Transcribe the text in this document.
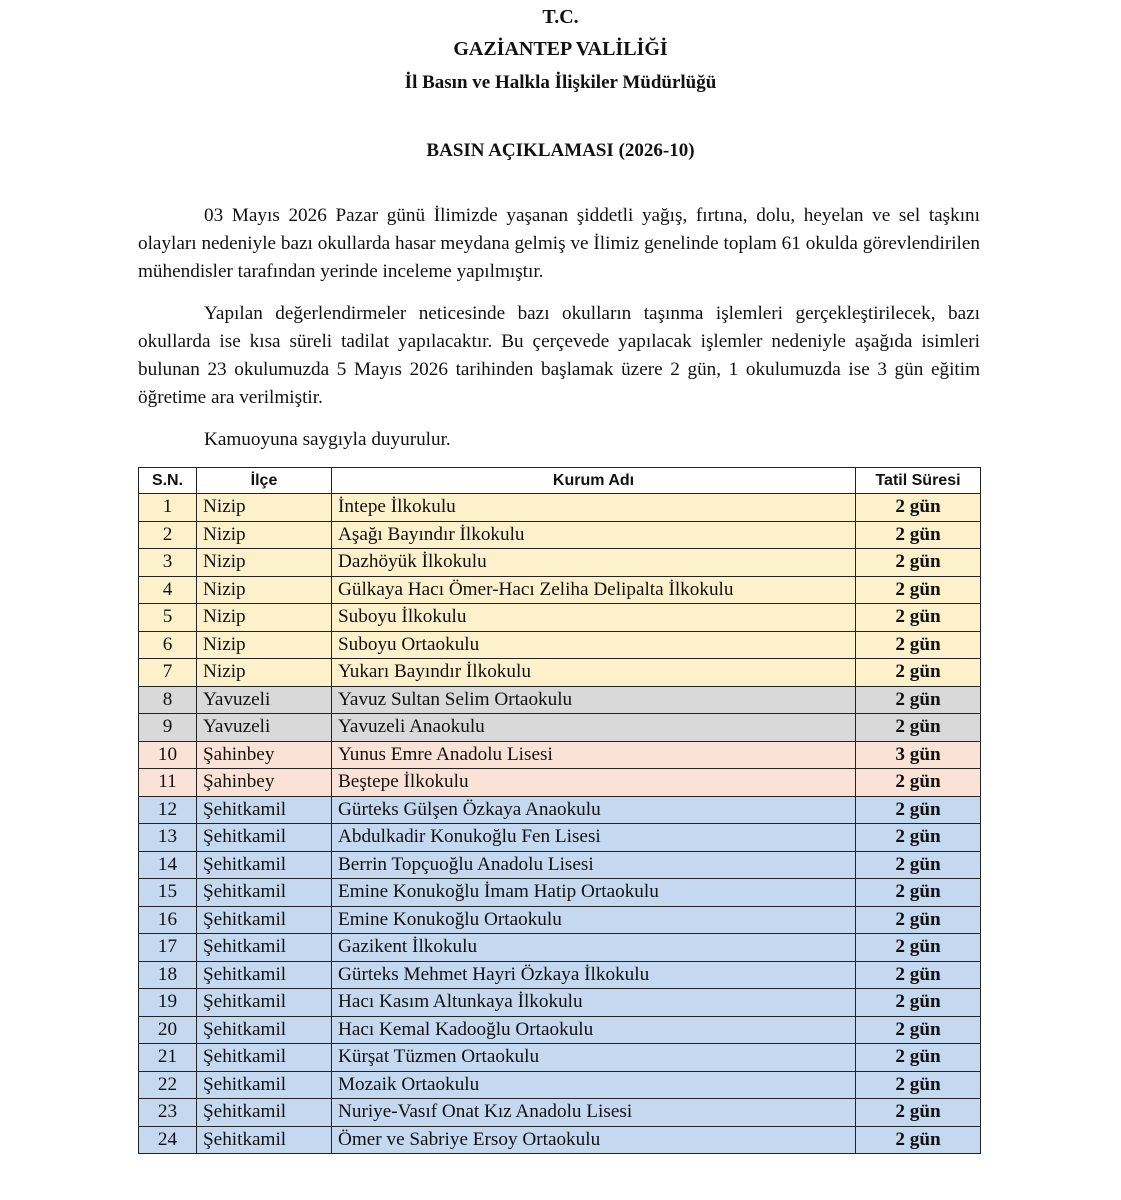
T.C.
GAZİANTEP VALİLİĞİ
İl Basın ve Halkla İlişkiler Müdürlüğü
BASIN AÇIKLAMASI (2026-10)
03 Mayıs 2026 Pazar günü İlimizde yaşanan şiddetli yağış, fırtına, dolu, heyelan ve sel taşkını olayları nedeniyle bazı okullarda hasar meydana gelmiş ve İlimiz genelinde toplam 61 okulda görevlendirilen mühendisler tarafından yerinde inceleme yapılmıştır.
Yapılan değerlendirmeler neticesinde bazı okulların taşınma işlemleri gerçekleştirilecek, bazı okullarda ise kısa süreli tadilat yapılacaktır. Bu çerçevede yapılacak işlemler nedeniyle aşağıda isimleri bulunan 23 okulumuzda 5 Mayıs 2026 tarihinden başlamak üzere 2 gün, 1 okulumuzda ise 3 gün eğitim öğretime ara verilmiştir.
Kamuoyuna saygıyla duyurulur.
S.N.	İlçe	Kurum Adı	Tatil Süresi
1	Nizip	İntepe İlkokulu	2 gün
2	Nizip	Aşağı Bayındır İlkokulu	2 gün
3	Nizip	Dazhöyük İlkokulu	2 gün
4	Nizip	Gülkaya Hacı Ömer-Hacı Zeliha Delipalta İlkokulu	2 gün
5	Nizip	Suboyu İlkokulu	2 gün
6	Nizip	Suboyu Ortaokulu	2 gün
7	Nizip	Yukarı Bayındır İlkokulu	2 gün
8	Yavuzeli	Yavuz Sultan Selim Ortaokulu	2 gün
9	Yavuzeli	Yavuzeli Anaokulu	2 gün
10	Şahinbey	Yunus Emre Anadolu Lisesi	3 gün
11	Şahinbey	Beştepe İlkokulu	2 gün
12	Şehitkamil	Gürteks Gülşen Özkaya Anaokulu	2 gün
13	Şehitkamil	Abdulkadir Konukoğlu Fen Lisesi	2 gün
14	Şehitkamil	Berrin Topçuoğlu Anadolu Lisesi	2 gün
15	Şehitkamil	Emine Konukoğlu İmam Hatip Ortaokulu	2 gün
16	Şehitkamil	Emine Konukoğlu Ortaokulu	2 gün
17	Şehitkamil	Gazikent İlkokulu	2 gün
18	Şehitkamil	Gürteks Mehmet Hayri Özkaya İlkokulu	2 gün
19	Şehitkamil	Hacı Kasım Altunkaya İlkokulu	2 gün
20	Şehitkamil	Hacı Kemal Kadooğlu Ortaokulu	2 gün
21	Şehitkamil	Kürşat Tüzmen Ortaokulu	2 gün
22	Şehitkamil	Mozaik Ortaokulu	2 gün
23	Şehitkamil	Nuriye-Vasıf Onat Kız Anadolu Lisesi	2 gün
24	Şehitkamil	Ömer ve Sabriye Ersoy Ortaokulu	2 gün
